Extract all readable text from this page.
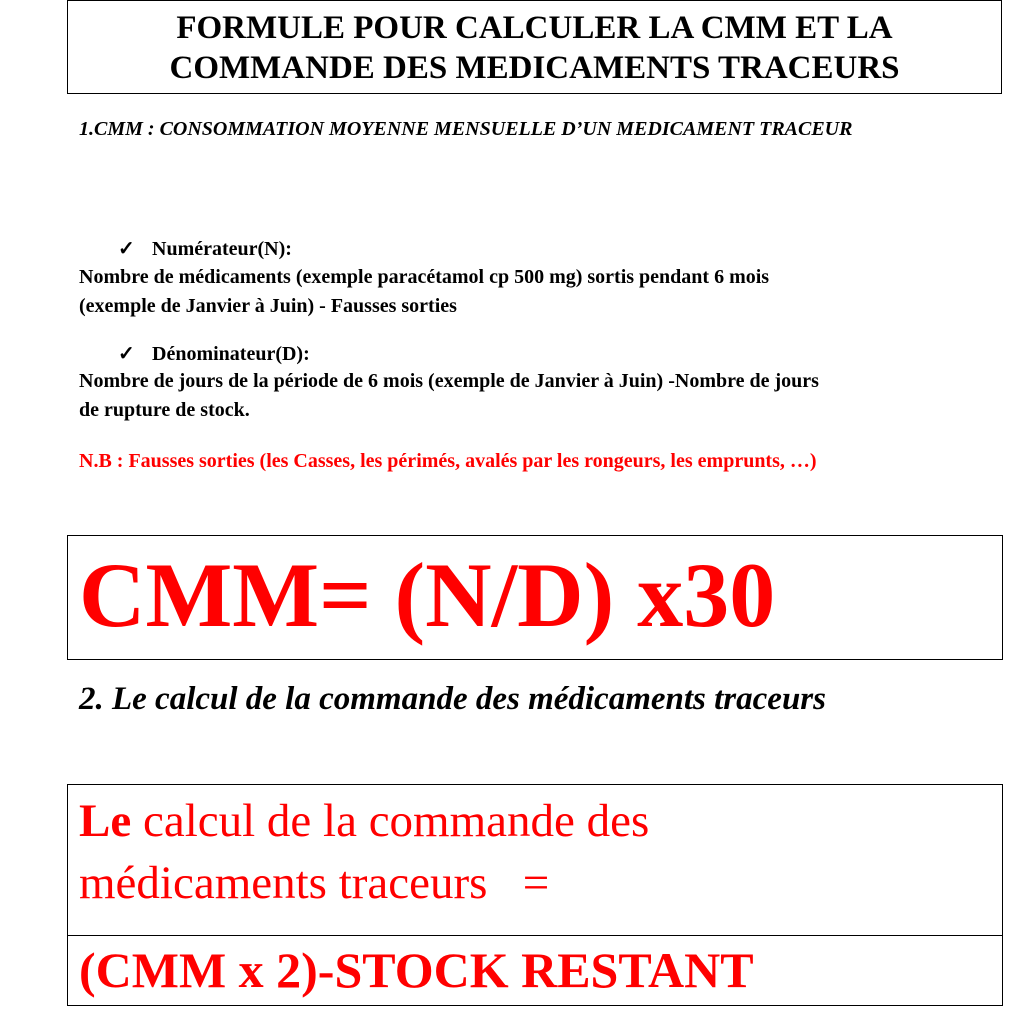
FORMULE POUR CALCULER LA CMM ET LA
COMMANDE DES MEDICAMENTS TRACEURS
1.CMM : CONSOMMATION MOYENNE MENSUELLE D’UN MEDICAMENT TRACEUR
✓ Numérateur(N):
Nombre de médicaments (exemple paracétamol cp 500 mg) sortis pendant 6 mois
(exemple de Janvier à Juin) - Fausses sorties
✓ Dénominateur(D):
Nombre de jours de la période de 6 mois (exemple de Janvier à Juin) -Nombre de jours
de rupture de stock.
N.B : Fausses sorties (les Casses, les périmés, avalés par les rongeurs, les emprunts, …)
CMM= (N/D) x30
2. Le calcul de la commande des médicaments traceurs
Le calcul de la commande des
médicaments traceurs   =
(CMM x 2)-STOCK RESTANT
